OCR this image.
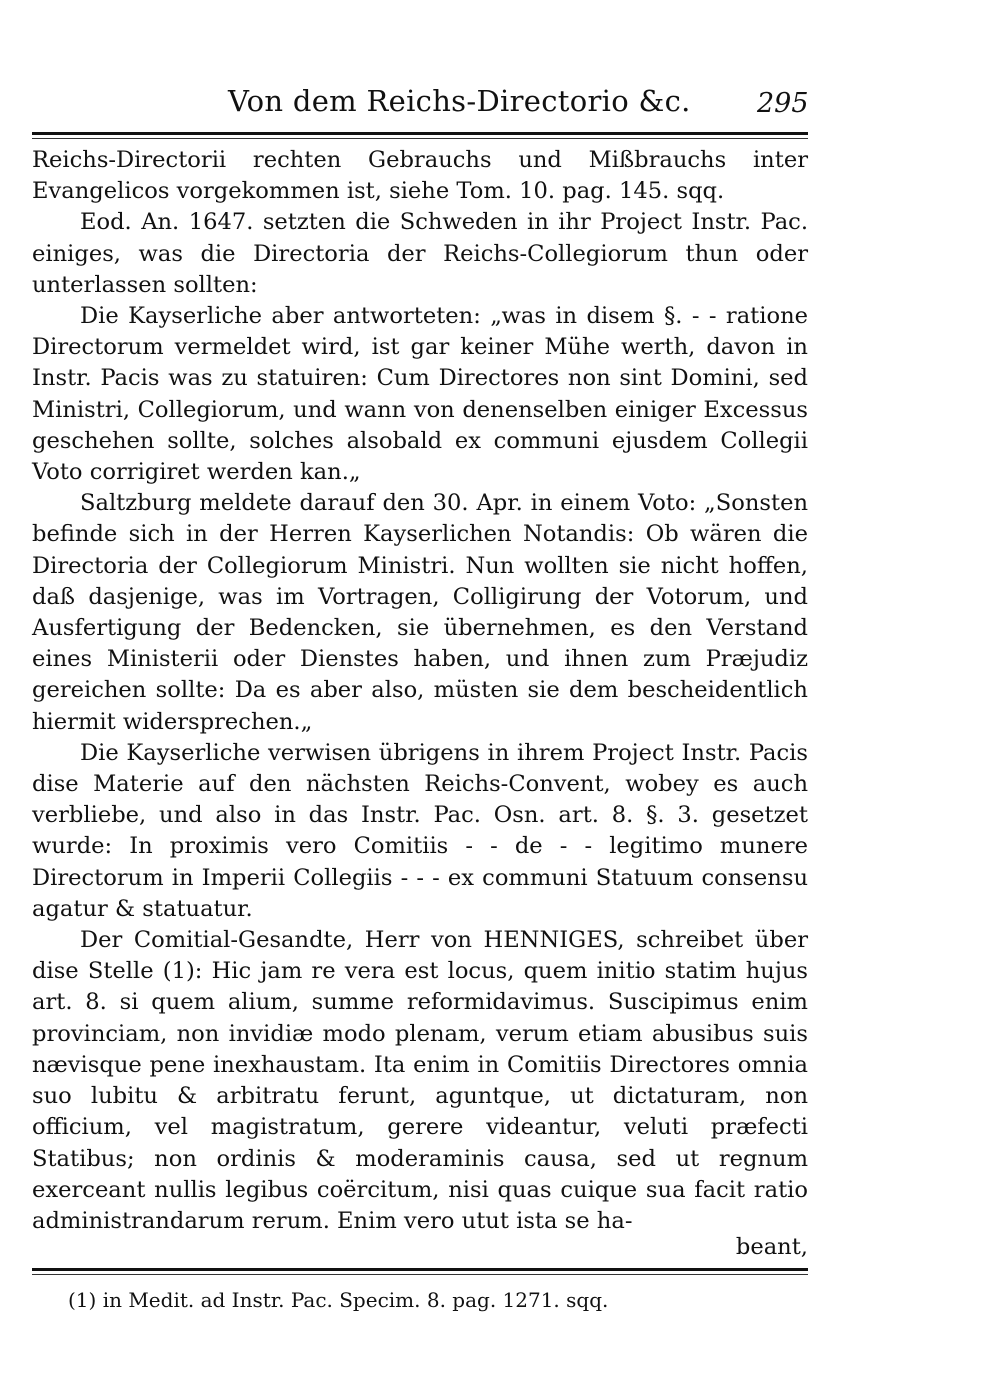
Von dem Reichs-Directorio &c. 295

Reichs-Directorii rechten Gebrauchs und Mißbrauchs inter Evangelicos vorgekommen ist, siehe Tom. 10. pag. 145. sqq.

Eod. An. 1647. setzten die Schweden in ihr Project Instr. Pac. einiges, was die Directoria der Reichs-Collegiorum thun oder unterlassen sollten:

Die Kayserliche aber antworteten: „was in disem §. - - ratione Directorum vermeldet wird, ist gar keiner Mühe werth, davon in Instr. Pacis was zu statuiren: Cum Directores non sint Domini, sed Ministri, Collegiorum, und wann von denenselben einiger Excessus geschehen sollte, solches alsobald ex communi ejusdem Collegii Voto corrigiret werden kan.„

Saltzburg meldete darauf den 30. Apr. in einem Voto: „Sonsten befinde sich in der Herren Kayserlichen Notandis: Ob wären die Directoria der Collegiorum Ministri. Nun wollten sie nicht hoffen, daß dasjenige, was im Vortragen, Colligirung der Votorum, und Ausfertigung der Bedencken, sie übernehmen, es den Verstand eines Ministerii oder Dienstes haben, und ihnen zum Præjudiz gereichen sollte: Da es aber also, müsten sie dem bescheidentlich hiermit widersprechen.„

Die Kayserliche verwisen übrigens in ihrem Project Instr. Pacis dise Materie auf den nächsten Reichs-Convent, wobey es auch verbliebe, und also in das Instr. Pac. Osn. art. 8. §. 3. gesetzet wurde: In proximis vero Comitiis - - de - - legitimo munere Directorum in Imperii Collegiis - - - ex communi Statuum consensu agatur & statuatur.

Der Comitial-Gesandte, Herr von HENNIGES, schreibet über dise Stelle (1): Hic jam re vera est locus, quem initio statim hujus art. 8. si quem alium, summe reformidavimus. Suscipimus enim provinciam, non invidiæ modo plenam, verum etiam abusibus suis nævisque pene inexhaustam. Ita enim in Comitiis Directores omnia suo lubitu & arbitratu ferunt, aguntque, ut dictaturam, non officium, vel magistratum, gerere videantur, veluti præfecti Statibus; non ordinis & moderaminis causa, sed ut regnum exerceant nullis legibus coërcitum, nisi quas cuique sua facit ratio administrandarum rerum. Enim vero utut ista se ha-

beant,
(1) in Medit. ad Instr. Pac. Specim. 8. pag. 1271. sqq.
